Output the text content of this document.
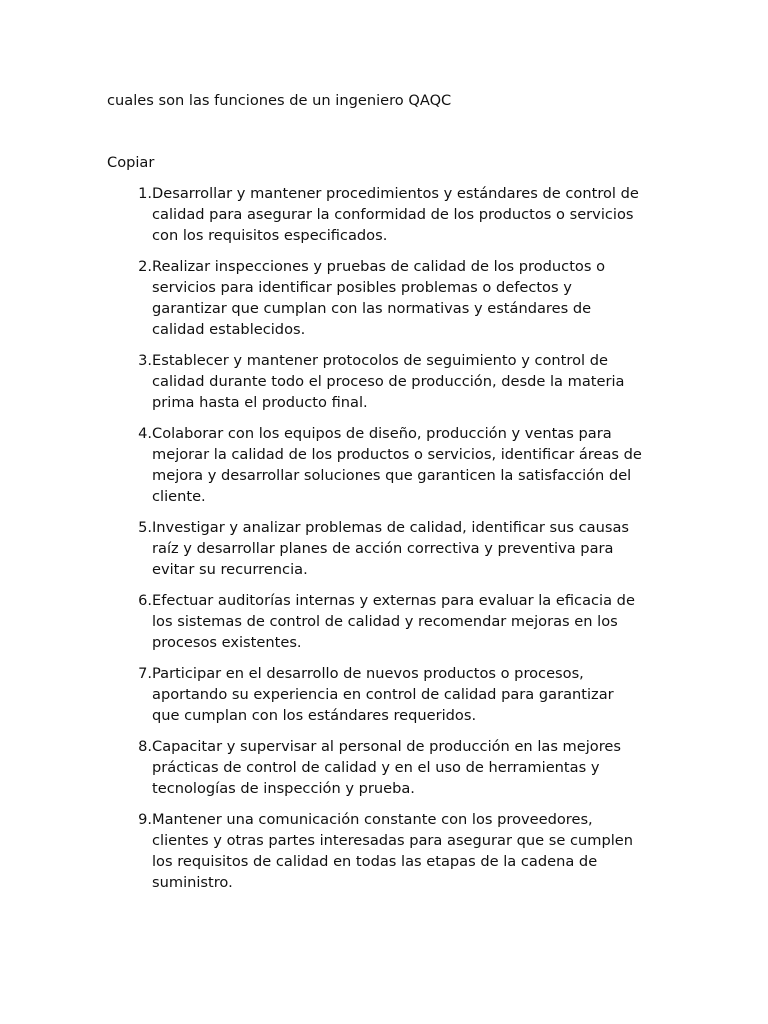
cuales son las funciones de un ingeniero QAQC

Copiar

1. Desarrollar y mantener procedimientos y estándares de control de
calidad para asegurar la conformidad de los productos o servicios
con los requisitos especificados.
2. Realizar inspecciones y pruebas de calidad de los productos o
servicios para identificar posibles problemas o defectos y
garantizar que cumplan con las normativas y estándares de
calidad establecidos.
3. Establecer y mantener protocolos de seguimiento y control de
calidad durante todo el proceso de producción, desde la materia
prima hasta el producto final.
4. Colaborar con los equipos de diseño, producción y ventas para
mejorar la calidad de los productos o servicios, identificar áreas de
mejora y desarrollar soluciones que garanticen la satisfacción del
cliente.
5. Investigar y analizar problemas de calidad, identificar sus causas
raíz y desarrollar planes de acción correctiva y preventiva para
evitar su recurrencia.
6. Efectuar auditorías internas y externas para evaluar la eficacia de
los sistemas de control de calidad y recomendar mejoras en los
procesos existentes.
7. Participar en el desarrollo de nuevos productos o procesos,
aportando su experiencia en control de calidad para garantizar
que cumplan con los estándares requeridos.
8. Capacitar y supervisar al personal de producción en las mejores
prácticas de control de calidad y en el uso de herramientas y
tecnologías de inspección y prueba.
9. Mantener una comunicación constante con los proveedores,
clientes y otras partes interesadas para asegurar que se cumplen
los requisitos de calidad en todas las etapas de la cadena de
suministro.
